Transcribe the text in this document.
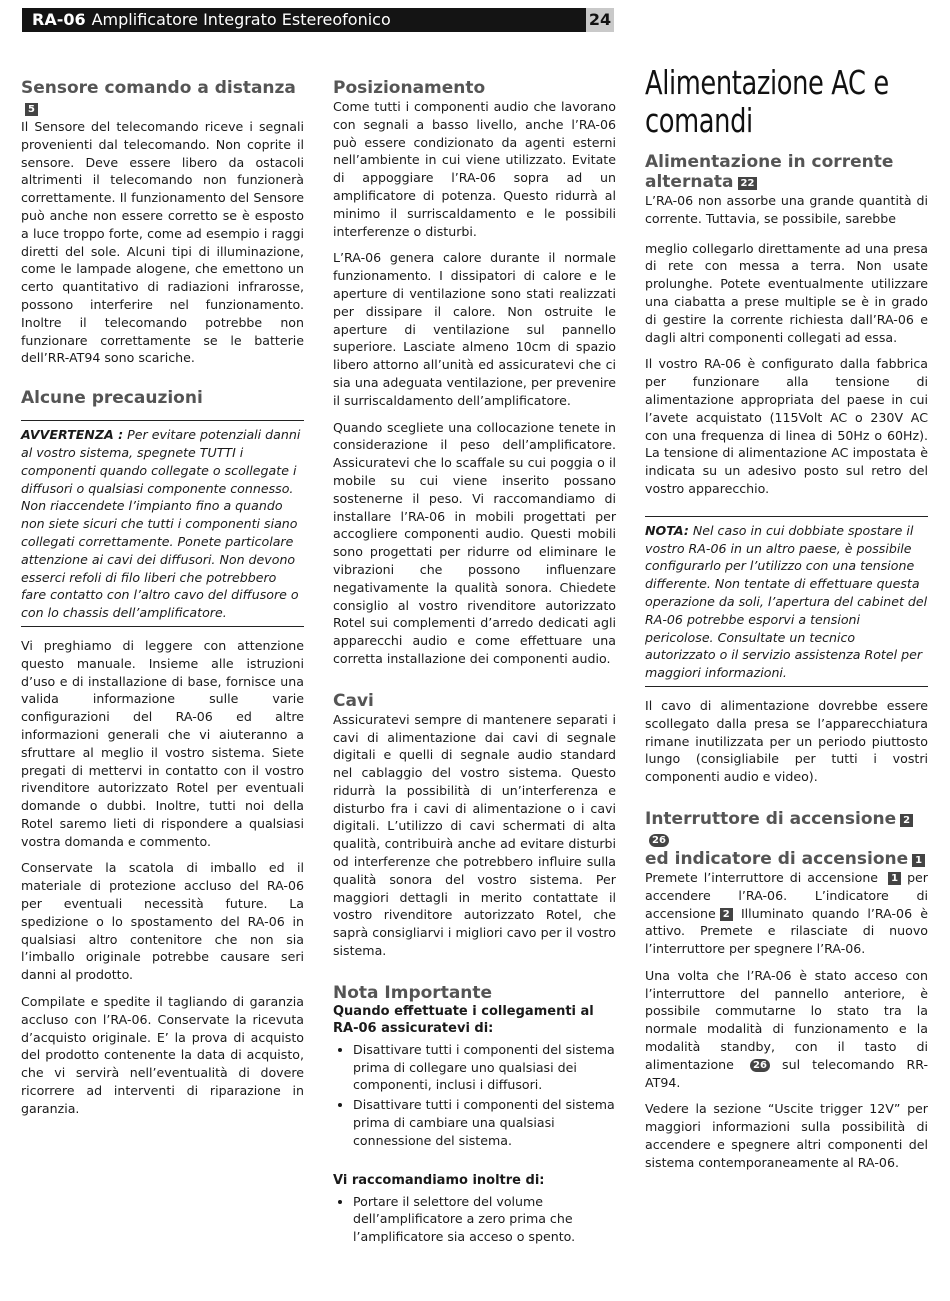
RA-06 Amplificatore Integrato Estereofonico	24
Sensore comando a distanza5

Il Sensore del telecomando riceve i segnali provenienti dal telecomando. Non coprite il sensore. Deve essere libero da ostacoli altrimenti il telecomando non funzionerà correttamente. Il funzionamento del Sensore può anche non essere corretto se è esposto a luce troppo forte, come ad esempio i raggi diretti del sole. Alcuni tipi di illuminazione, come le lampade alogene, che emettono un certo quantitativo di radiazioni infrarosse, possono interferire nel funzionamento. Inoltre il telecomando potrebbe non funzionare correttamente se le batterie dell’RR-AT94 sono scariche.

Alcune precauzioni
AVVERTENZA : Per evitare potenziali danni al vostro sistema, spegnete TUTTI i componenti quando collegate o scollegate i diffusori o qualsiasi componente connesso. Non riaccendete l’impianto fino a quando non siete sicuri che tutti i componenti siano collegati correttamente. Ponete particolare attenzione ai cavi dei diffusori. Non devono esserci refoli di filo liberi che potrebbero fare contatto con l’altro cavo del diffusore o con lo chassis dell’amplificatore.

Vi preghiamo di leggere con attenzione questo manuale. Insieme alle istruzioni d’uso e di installazione di base, fornisce una valida informazione sulle varie configurazioni del RA-06 ed altre informazioni generali che vi aiuteranno a sfruttare al meglio il vostro sistema. Siete pregati di mettervi in contatto con il vostro rivenditore autorizzato Rotel per eventuali domande o dubbi. Inoltre, tutti noi della Rotel saremo lieti di rispondere a qualsiasi vostra domanda e commento.

Conservate la scatola di imballo ed il materiale di protezione accluso del RA-06 per eventuali necessità future. La spedizione o lo spostamento del RA-06 in qualsiasi altro contenitore che non sia l’imballo originale potrebbe causare seri danni al prodotto.

Compilate e spedite il tagliando di garanzia accluso con l’RA-06. Conservate la ricevuta d’acquisto originale. E’ la prova di acquisto del prodotto contenente la data di acquisto, che vi servirà nell’eventualità di dovere ricorrere ad interventi di riparazione in garanzia.

Posizionamento

Come tutti i componenti audio che lavorano con segnali a basso livello, anche l’RA-06 può essere condizionato da agenti esterni nell’ambiente in cui viene utilizzato. Evitate di appoggiare l’RA-06 sopra ad un amplificatore di potenza. Questo ridurrà al minimo il surriscaldamento e le possibili interferenze o disturbi.

L’RA-06 genera calore durante il normale funzionamento. I dissipatori di calore e le aperture di ventilazione sono stati realizzati per dissipare il calore. Non ostruite le aperture di ventilazione sul pannello superiore. Lasciate almeno 10cm di spazio libero attorno all’unità ed assicuratevi che ci sia una adeguata ventilazione, per prevenire il surriscaldamento dell’amplificatore.

Quando scegliete una collocazione tenete in considerazione il peso dell’amplificatore. Assicuratevi che lo scaffale su cui poggia o il mobile su cui viene inserito possano sostenerne il peso. Vi raccomandiamo di installare l’RA-06 in mobili progettati per accogliere componenti audio. Questi mobili sono progettati per ridurre od eliminare le vibrazioni che possono influenzare negativamente la qualità sonora. Chiedete consiglio al vostro rivenditore autorizzato Rotel sui complementi d’arredo dedicati agli apparecchi audio e come effettuare una corretta installazione dei componenti audio.

Cavi

Assicuratevi sempre di mantenere separati i cavi di alimentazione dai cavi di segnale digitali e quelli di segnale audio standard nel cablaggio del vostro sistema. Questo ridurrà la possibilità di un’interferenza e disturbo fra i cavi di alimentazione o i cavi digitali. L’utilizzo di cavi schermati di alta qualità, contribuirà anche ad evitare disturbi od interferenze che potrebbero influire sulla qualità sonora del vostro sistema. Per maggiori dettagli in merito contattate il vostro rivenditore autorizzato Rotel, che saprà consigliarvi i migliori cavo per il vostro sistema.

Nota Importante
Quando effettuate i collegamenti al RA-06 assicuratevi di:
• Disattivare tutti i componenti del sistema prima di collegare uno qualsiasi dei componenti, inclusi i diffusori.
• Disattivare tutti i componenti del sistema prima di cambiare una qualsiasi connessione del sistema.
Vi raccomandiamo inoltre di:
• Portare il selettore del volume dell’amplificatore a zero prima che l’amplificatore sia acceso o spento.
Alimentazione AC e comandi
Alimentazione in corrente alternata 22

L’RA-06 non assorbe una grande quantità di corrente. Tuttavia, se possibile, sarebbe

meglio collegarlo direttamente ad una presa di rete con messa a terra. Non usate prolunghe. Potete eventualmente utilizzare una ciabatta a prese multiple se è in grado di gestire la corrente richiesta dall’RA-06 e dagli altri componenti collegati ad essa.

Il vostro RA-06 è configurato dalla fabbrica per funzionare alla tensione di alimentazione appropriata del paese in cui l’avete acquistato (115Volt AC o 230V AC con una frequenza di linea di 50Hz o 60Hz). La tensione di alimentazione AC impostata è indicata su un adesivo posto sul retro del vostro apparecchio.

NOTA: Nel caso in cui dobbiate spostare il vostro RA-06 in un altro paese, è possibile configurarlo per l’utilizzo con una tensione differente. Non tentate di effettuare questa operazione da soli, l’apertura del cabinet del RA-06 potrebbe esporvi a tensioni pericolose. Consultate un tecnico autorizzato o il servizio assistenza Rotel per maggiori informazioni.

Il cavo di alimentazione dovrebbe essere scollegato dalla presa se l’apparecchiatura rimane inutilizzata per un periodo piuttosto lungo (consigliabile per tutti i vostri componenti audio e video).

Interruttore di accensione 226
ed indicatore di accensione 1

Premete l’interruttore di accensione 1 per accendere l’RA-06. L’indicatore di accensione 2 Illuminato quando l’RA-06 è attivo. Premete e rilasciate di nuovo l’interruttore per spegnere l’RA-06.

Una volta che l’RA-06 è stato acceso con l’interruttore del pannello anteriore, è possibile commutarne lo stato tra la normale modalità di funzionamento e la modalità standby, con il tasto di alimentazione 26 sul telecomando RR-AT94.

Vedere la sezione “Uscite trigger 12V” per maggiori informazioni sulla possibilità di accendere e spegnere altri componenti del sistema contemporaneamente al RA-06.
